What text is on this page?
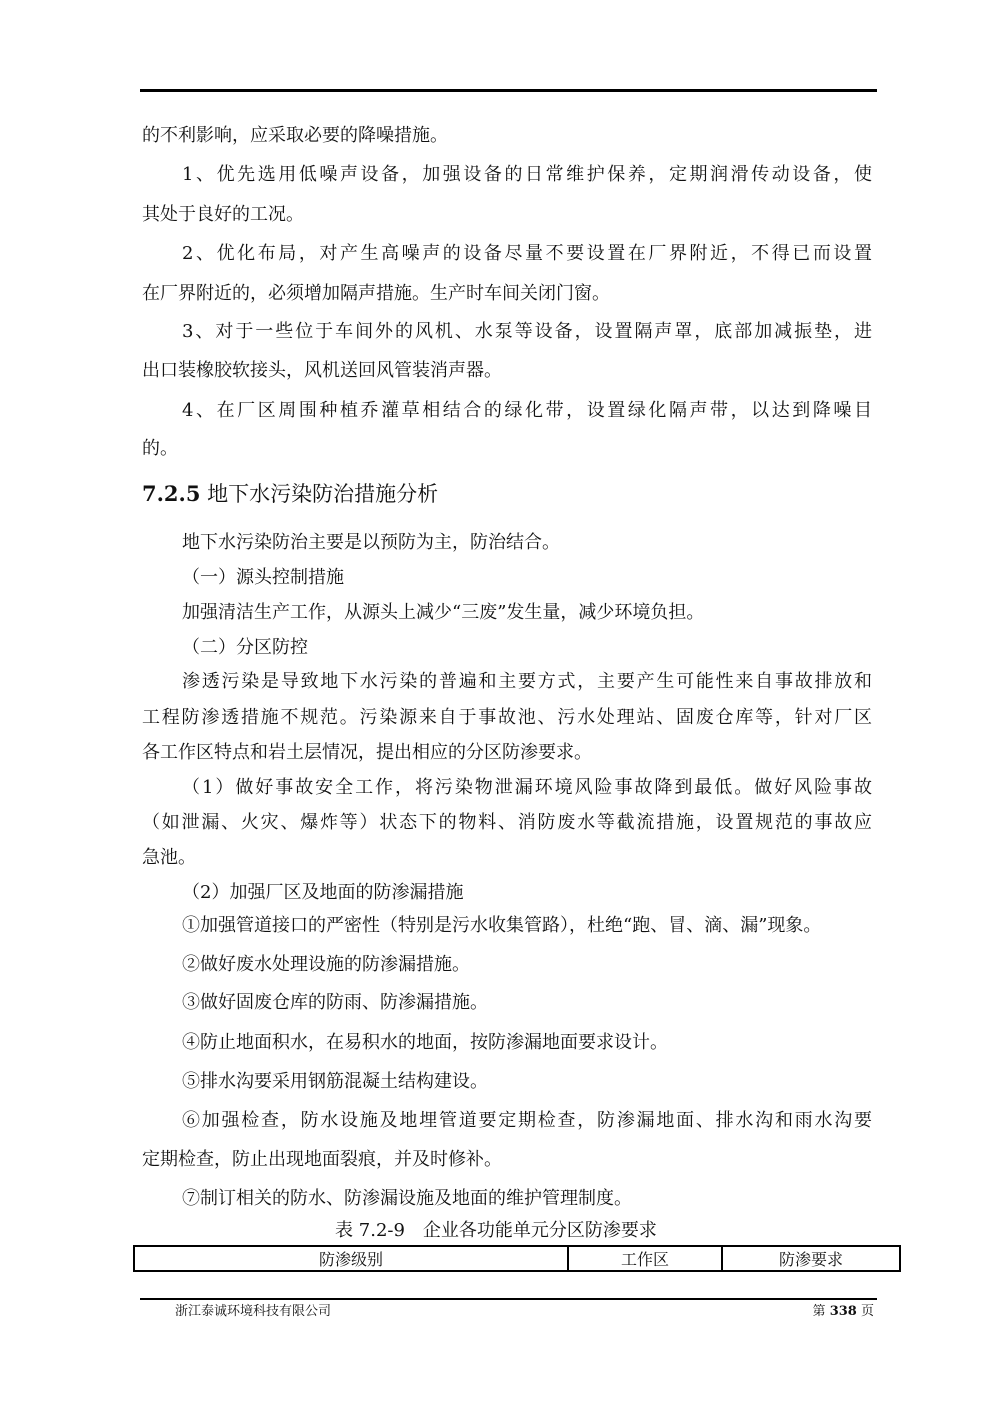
的不利影响，应采取必要的降噪措施。
1、优先选用低噪声设备，加强设备的日常维护保养，定期润滑传动设备，使
其处于良好的工况。
2、优化布局，对产生高噪声的设备尽量不要设置在厂界附近，不得已而设置
在厂界附近的，必须增加隔声措施。生产时车间关闭门窗。
3、对于一些位于车间外的风机、水泵等设备，设置隔声罩，底部加减振垫，进
出口装橡胶软接头，风机送回风管装消声器。
4、在厂区周围种植乔灌草相结合的绿化带，设置绿化隔声带，以达到降噪目
的。
7.2.5 地下水污染防治措施分析
地下水污染防治主要是以预防为主，防治结合。
（一）源头控制措施
加强清洁生产工作，从源头上减少“三废”发生量，减少环境负担。
（二）分区防控
渗透污染是导致地下水污染的普遍和主要方式，主要产生可能性来自事故排放和
工程防渗透措施不规范。污染源来自于事故池、污水处理站、固废仓库等，针对厂区
各工作区特点和岩土层情况，提出相应的分区防渗要求。
（1）做好事故安全工作，将污染物泄漏环境风险事故降到最低。做好风险事故
（如泄漏、火灾、爆炸等）状态下的物料、消防废水等截流措施，设置规范的事故应
急池。
（2）加强厂区及地面的防渗漏措施
①加强管道接口的严密性（特别是污水收集管路），杜绝“跑、冒、滴、漏”现象。
②做好废水处理设施的防渗漏措施。
③做好固废仓库的防雨、防渗漏措施。
④防止地面积水，在易积水的地面，按防渗漏地面要求设计。
⑤排水沟要采用钢筋混凝土结构建设。
⑥加强检查，防水设施及地埋管道要定期检查，防渗漏地面、排水沟和雨水沟要
定期检查，防止出现地面裂痕，并及时修补。
⑦制订相关的防水、防渗漏设施及地面的维护管理制度。
表 7.2-9　企业各功能单元分区防渗要求
防渗级别	工作区	防渗要求
浙江泰诚环境科技有限公司	第 338 页
